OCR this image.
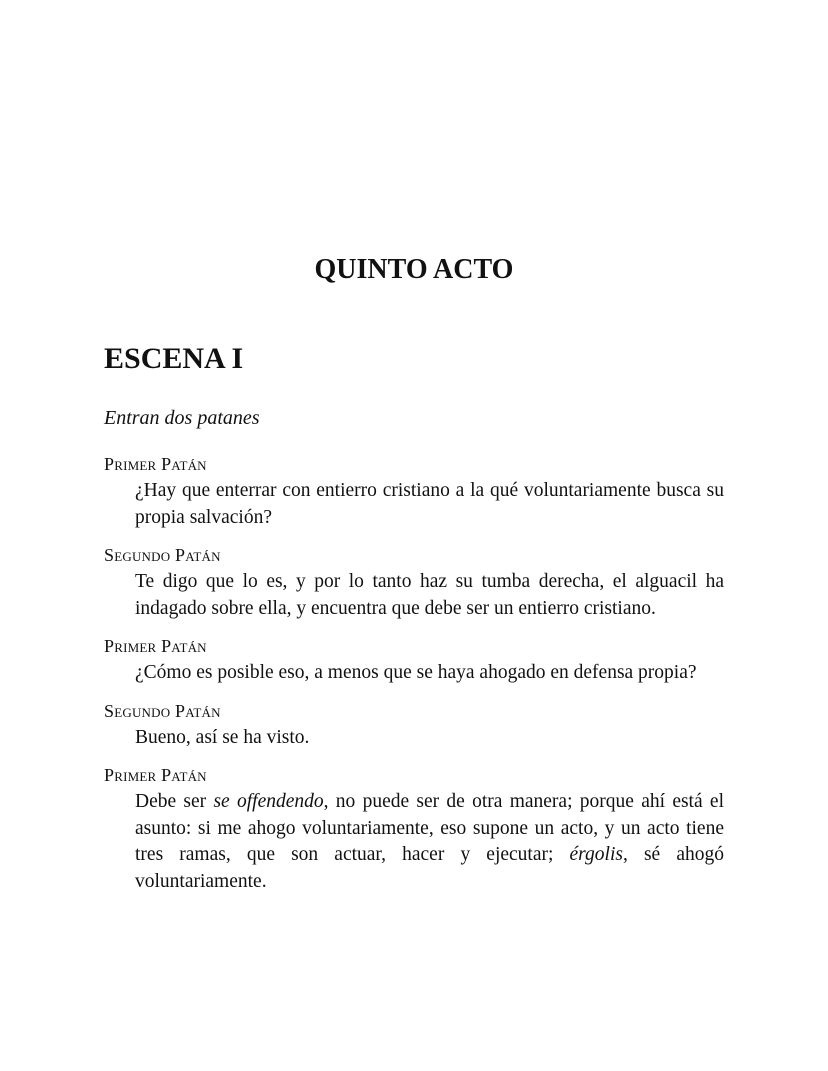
QUINTO ACTO
ESCENA I

Entran dos patanes

Primer Patán

¿Hay que enterrar con entierro cristiano a la qué voluntariamente busca su propia salvación?

Segundo Patán

Te digo que lo es, y por lo tanto haz su tumba derecha, el alguacil ha indagado sobre ella, y encuentra que debe ser un entierro cristiano.

Primer Patán

¿Cómo es posible eso, a menos que se haya ahogado en defensa propia?

Segundo Patán

Bueno, así se ha visto.

Primer Patán

Debe ser se offendendo, no puede ser de otra manera; porque ahí está el asunto: si me ahogo voluntariamente, eso supone un acto, y un acto tiene tres ramas, que son actuar, hacer y ejecutar; érgolis, sé ahogó voluntariamente.
